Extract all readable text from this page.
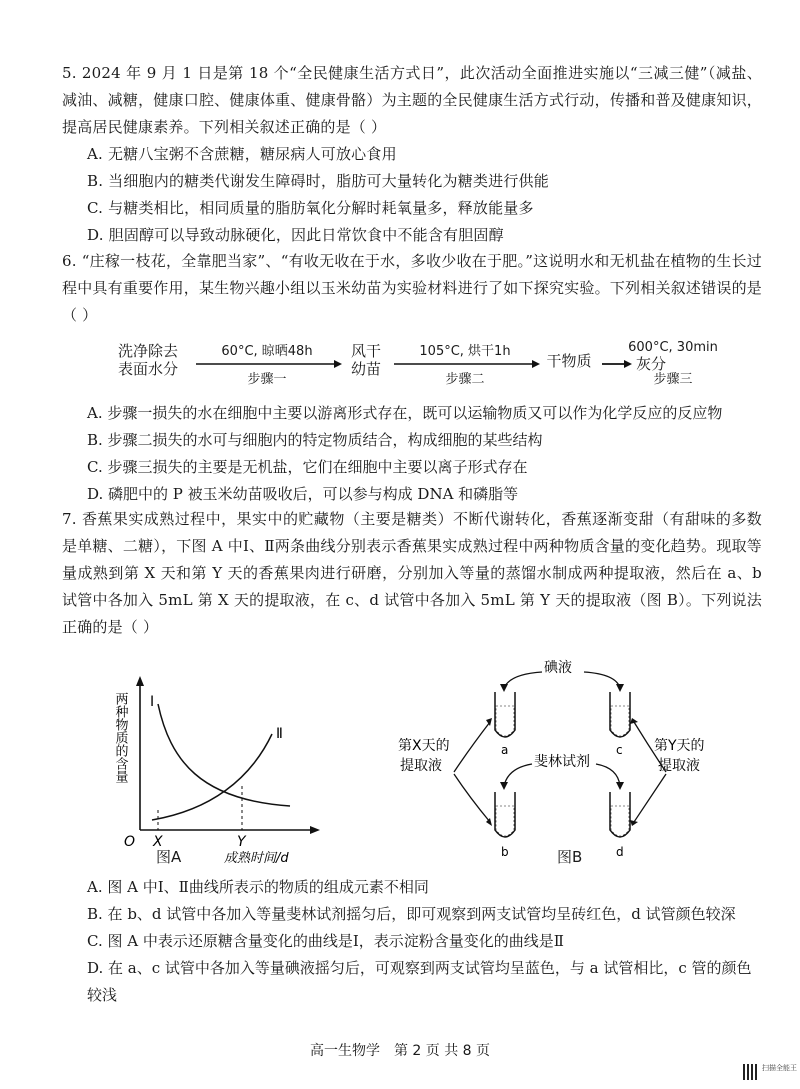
5. 2024 年 9 月 1 日是第 18 个“全民健康生活方式日”，此次活动全面推进实施以“三减三健”（减盐、减油、减糖，健康口腔、健康体重、健康骨骼）为主题的全民健康生活方式行动，传播和普及健康知识，提高居民健康素养。下列相关叙述正确的是（ ）

A. 无糖八宝粥不含蔗糖，糖尿病人可放心食用

B. 当细胞内的糖类代谢发生障碍时，脂肪可大量转化为糖类进行供能

C. 与糖类相比，相同质量的脂肪氧化分解时耗氧量多，释放能量多

D. 胆固醇可以导致动脉硬化，因此日常饮食中不能含有胆固醇

6. “庄稼一枝花，全靠肥当家”、“有收无收在于水，多收少收在于肥。”这说明水和无机盐在植物的生长过程中具有重要作用，某生物兴趣小组以玉米幼苗为实验材料进行了如下探究实验。下列相关叙述错误的是（ ）

洗净除去
表面水分
60°C, 晾晒48h
步骤一
风干
幼苗
105°C, 烘干1h
步骤二
干物质
600°C, 30min
步骤三
灰分

A. 步骤一损失的水在细胞中主要以游离形式存在，既可以运输物质又可以作为化学反应的反应物

B. 步骤二损失的水可与细胞内的特定物质结合，构成细胞的某些结构

C. 步骤三损失的主要是无机盐，它们在细胞中主要以离子形式存在

D. 磷肥中的 P 被玉米幼苗吸收后，可以参与构成 DNA 和磷脂等

7. 香蕉果实成熟过程中，果实中的贮藏物（主要是糖类）不断代谢转化，香蕉逐渐变甜（有甜味的多数是单糖、二糖），下图 A 中Ⅰ、Ⅱ两条曲线分别表示香蕉果实成熟过程中两种物质含量的变化趋势。现取等量成熟到第 X 天和第 Y 天的香蕉果肉进行研磨，分别加入等量的蒸馏水制成两种提取液，然后在 a、b 试管中各加入 5mL 第 X 天的提取液，在 c、d 试管中各加入 5mL 第 Y 天的提取液（图 B）。下列说法正确的是（ ）

两种物质的含量
O X	Y
成熟时间/d
I
Ⅱ
图A
碘液
斐林试剂
第X天的
提取液
第Y天的
提取液
a	c
b	d
图B

A. 图 A 中Ⅰ、Ⅱ曲线所表示的物质的组成元素不相同

B. 在 b、d 试管中各加入等量斐林试剂摇匀后，即可观察到两支试管均呈砖红色，d 试管颜色较深

C. 图 A 中表示还原糖含量变化的曲线是Ⅰ，表示淀粉含量变化的曲线是Ⅱ

D. 在 a、c 试管中各加入等量碘液摇匀后，可观察到两支试管均呈蓝色，与 a 试管相比，c 管的颜色较浅

高一生物学　第 2 页 共 8 页
扫描全能王
